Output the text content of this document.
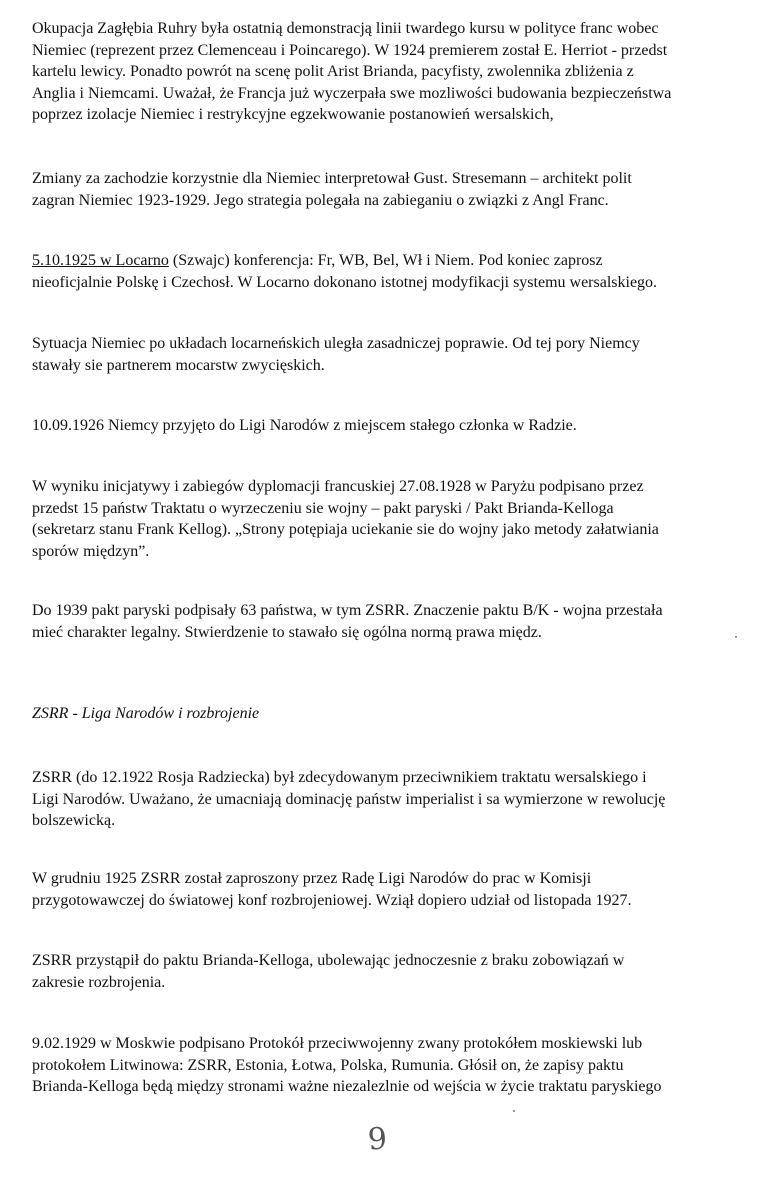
Okupacja Zagłębia Ruhry była ostatnią demonstracją linii twardego kursu w polityce franc wobec
Niemiec (reprezent przez Clemenceau i Poincarego). W 1924 premierem został E. Herriot - przedst
kartelu lewicy. Ponadto powrót na scenę polit Arist Brianda, pacyfisty, zwolennika zbliżenia z
Anglia i Niemcami. Uważał, że Francja już wyczerpała swe mozliwości budowania bezpieczeństwa
poprzez izolacje Niemiec i restrykcyjne egzekwowanie postanowień wersalskich,
Zmiany za zachodzie korzystnie dla Niemiec interpretował Gust. Stresemann – architekt polit
zagran Niemiec 1923-1929. Jego strategia polegała na zabieganiu o związki z Angl Franc.
5.10.1925 w Locarno (Szwajc) konferencja: Fr, WB, Bel, Wł i Niem. Pod koniec zaprosz
nieoficjalnie Polskę i Czechosł. W Locarno dokonano istotnej modyfikacji systemu wersalskiego.
Sytuacja Niemiec po układach locarneńskich uległa zasadniczej poprawie. Od tej pory Niemcy
stawały sie partnerem mocarstw zwycięskich.
10.09.1926 Niemcy przyjęto do Ligi Narodów z miejscem stałego członka w Radzie.
W wyniku inicjatywy i zabiegów dyplomacji francuskiej 27.08.1928 w Paryżu podpisano przez
przedst 15 państw Traktatu o wyrzeczeniu sie wojny – pakt paryski / Pakt Brianda-Kelloga
(sekretarz stanu Frank Kellog). „Strony potępiaja uciekanie sie do wojny jako metody załatwiania
sporów międzyn”.
Do 1939 pakt paryski podpisały 63 państwa, w tym ZSRR. Znaczenie paktu B/K - wojna przestała
mieć charakter legalny. Stwierdzenie to stawało się ogólna normą prawa międz.
ZSRR - Liga Narodów i rozbrojenie
ZSRR (do 12.1922 Rosja Radziecka) był zdecydowanym przeciwnikiem traktatu wersalskiego i
Ligi Narodów. Uważano, że umacniają dominację państw imperialist i sa wymierzone w rewolucję
bolszewicką.
W grudniu 1925 ZSRR został zaproszony przez Radę Ligi Narodów do prac w Komisji
przygotowawczej do światowej konf rozbrojeniowej. Wziął dopiero udział od listopada 1927.
ZSRR przystąpił do paktu Brianda-Kelloga, ubolewając jednoczesnie z braku zobowiązań w
zakresie rozbrojenia.
9.02.1929 w Moskwie podpisano Protokół przeciwwojenny zwany protokółem moskiewski lub
protokołem Litwinowa: ZSRR, Estonia, Łotwa, Polska, Rumunia. Głósił on, że zapisy paktu
Brianda-Kelloga będą między stronami ważne niezalezlnie od wejścia w życie traktatu paryskiego
9
